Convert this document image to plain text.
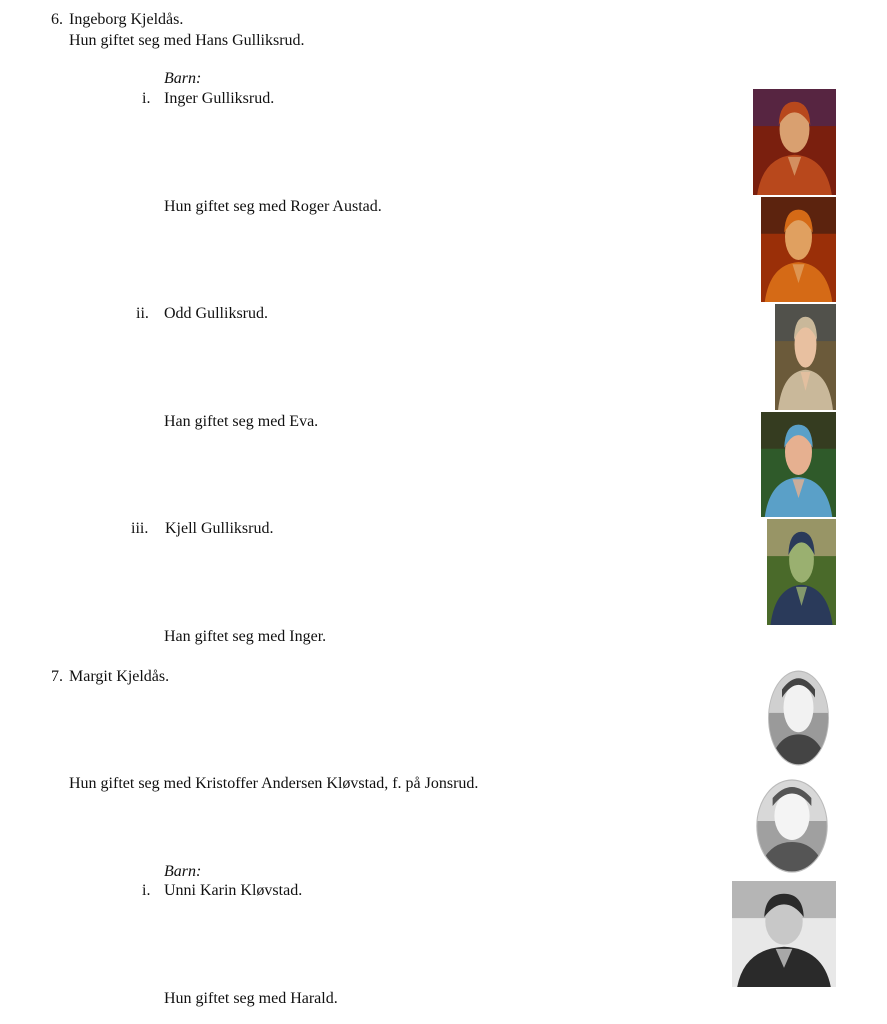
6. Ingeborg Kjeldås.
Hun giftet seg med Hans Gulliksrud.
Barn:
i. Inger Gulliksrud.
Hun giftet seg med Roger Austad.
ii. Odd Gulliksrud.
Han giftet seg med Eva.
iii. Kjell Gulliksrud.
Han giftet seg med Inger.
7. Margit Kjeldås.
Hun giftet seg med Kristoffer Andersen Kløvstad, f. på Jonsrud.
Barn:
i. Unni Karin Kløvstad.
Hun giftet seg med Harald.
